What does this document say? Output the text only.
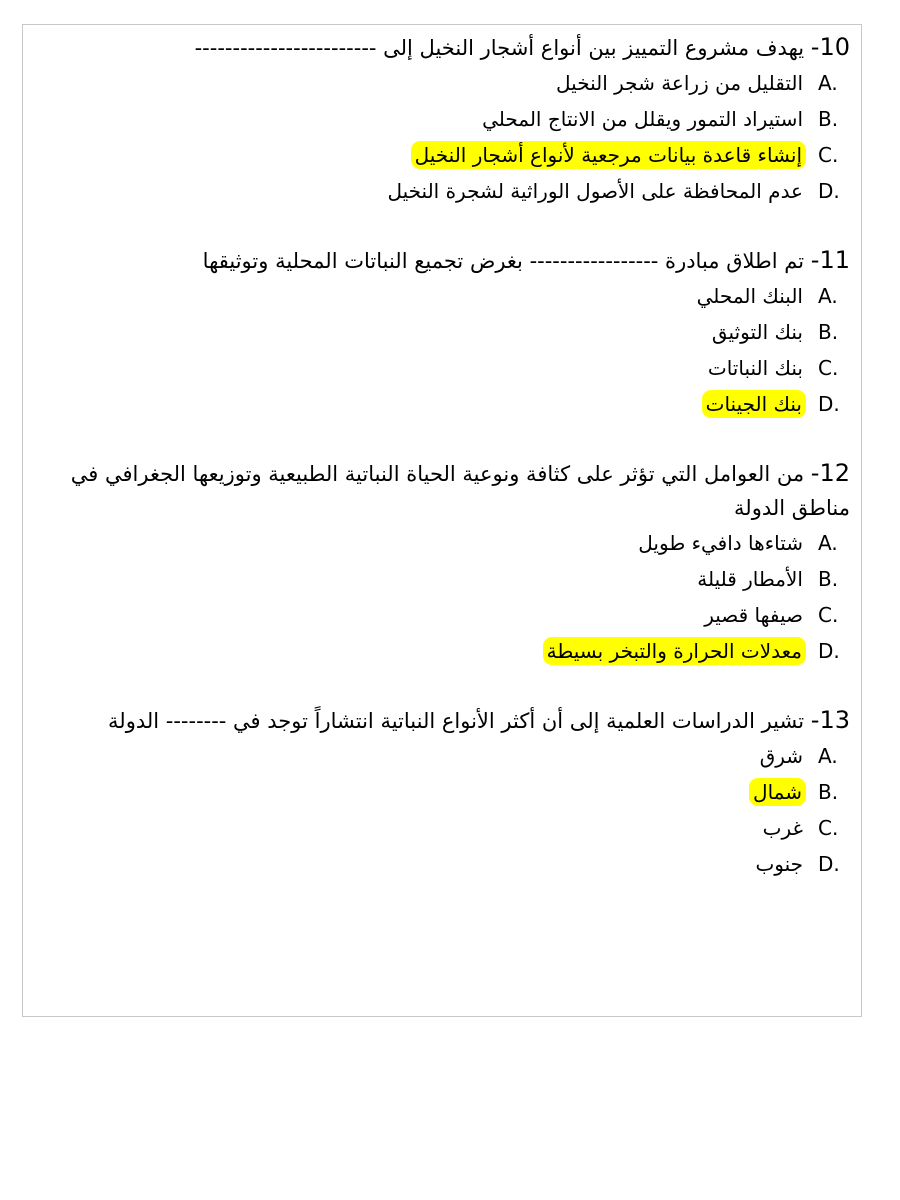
10- يهدف مشروع التمييز بين أنواع أشجار النخيل إلى ------------------------
A.
التقليل من زراعة شجر النخيل
B.
استيراد التمور ويقلل من الانتاج المحلي
C.
إنشاء قاعدة بيانات مرجعية لأنواع أشجار النخيل
D.
عدم المحافظة على الأصول الوراثية لشجرة النخيل
11- تم اطلاق مبادرة ----------------- بغرض تجميع النباتات المحلية وتوثيقها
A.
البنك المحلي
B.
بنك التوثيق
C.
بنك النباتات
D.
بنك الجينات
12- من العوامل التي تؤثر على كثافة ونوعية الحياة النباتية الطبيعية وتوزيعها الجغرافي في مناطق الدولة
A.
شتاءها دافيء طويل
B.
الأمطار قليلة
C.
صيفها قصير
D.
معدلات الحرارة والتبخر بسيطة
13- تشير الدراسات العلمية إلى أن أكثر الأنواع النباتية انتشاراً توجد في -------- الدولة
A.
شرق
B.
شمال
C.
غرب
D.
جنوب
